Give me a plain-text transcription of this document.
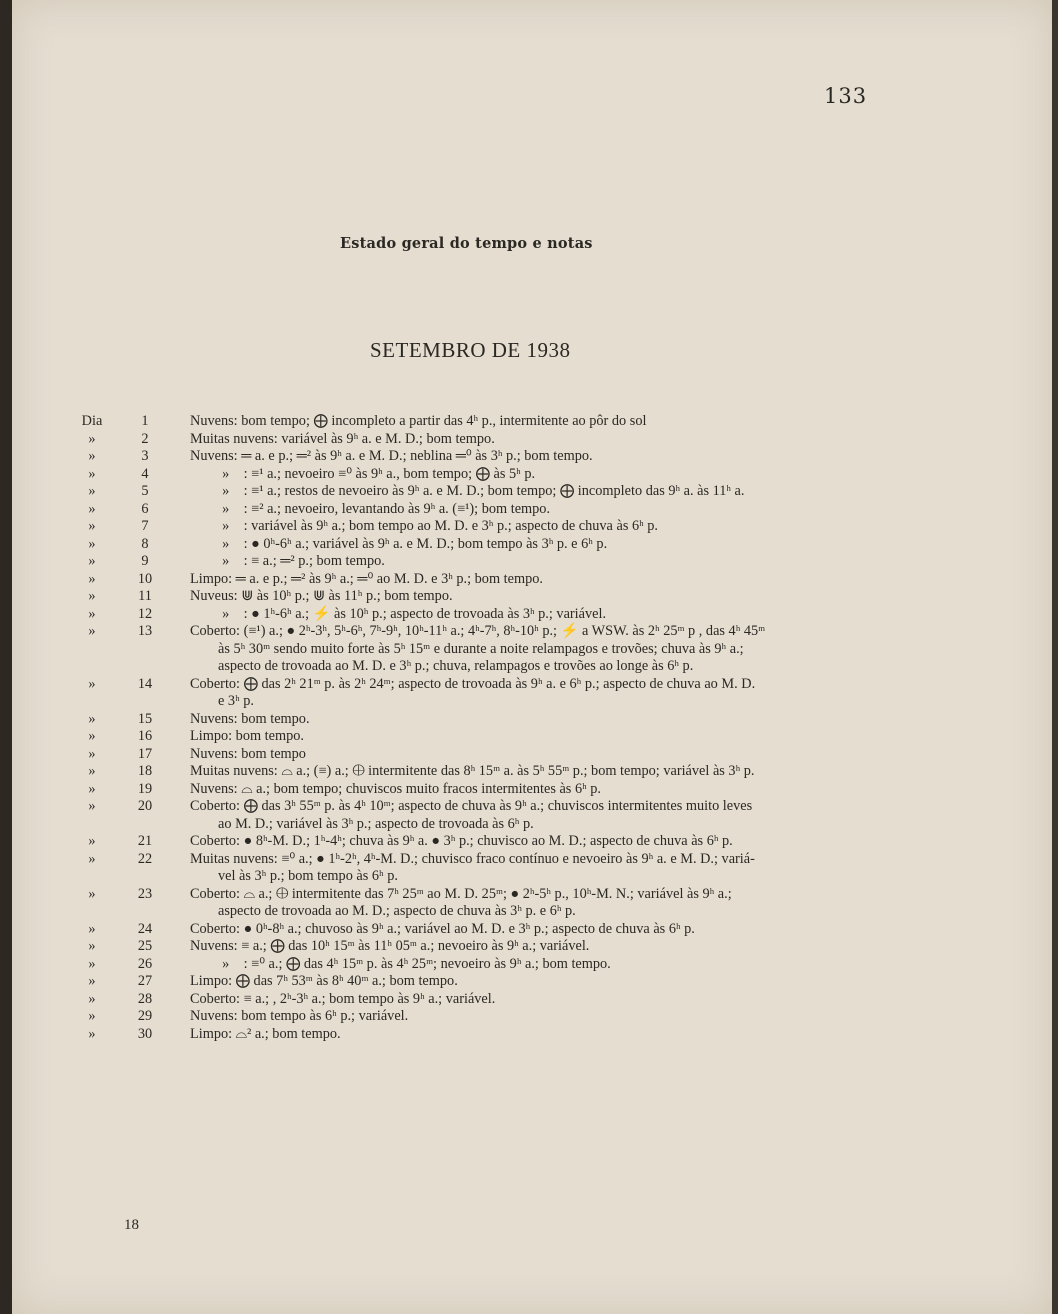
133
Estado geral do tempo e notas
SETEMBRO DE 1938
Dia	1	Nuvens: bom tempo; ⨁ incompleto a partir das 4ʰ p., intermitente ao pôr do sol
»	2	Muitas nuvens: variável às 9ʰ a. e M. D.; bom tempo.
»	3	Nuvens: ═ a. e p.; ═² às 9ʰ a. e M. D.; neblina ═⁰ às 3ʰ p.; bom tempo.
»	4	»    : ≡¹ a.; nevoeiro ≡⁰ às 9ʰ a., bom tempo; ⨁ às 5ʰ p.
»	5	»    : ≡¹ a.; restos de nevoeiro às 9ʰ a. e M. D.; bom tempo; ⨁ incompleto das 9ʰ a. às 11ʰ a.
»	6	»    : ≡² a.; nevoeiro, levantando às 9ʰ a. (≡¹); bom tempo.
»	7	»    : variável às 9ʰ a.; bom tempo ao M. D. e 3ʰ p.; aspecto de chuva às 6ʰ p.
»	8	»    : ● 0ʰ-6ʰ a.; variável às 9ʰ a. e M. D.; bom tempo às 3ʰ p. e 6ʰ p.
»	9	»    : ≡ a.; ═² p.; bom tempo.
»	10	Limpo: ═ a. e p.; ═² às 9ʰ a.; ═⁰ ao M. D. e 3ʰ p.; bom tempo.
»	11	Nuveus: ⋓ às 10ʰ p.; ⋓ às 11ʰ p.; bom tempo.
»	12	»    : ● 1ʰ-6ʰ a.; ⚡ às 10ʰ p.; aspecto de trovoada às 3ʰ p.; variável.
»	13	Coberto: (≡¹) a.; ● 2ʰ-3ʰ, 5ʰ-6ʰ, 7ʰ-9ʰ, 10ʰ-11ʰ a.; 4ʰ-7ʰ, 8ʰ-10ʰ p.; ⚡ a WSW. às 2ʰ 25ᵐ p , das 4ʰ 45ᵐ
às 5ʰ 30ᵐ sendo muito forte às 5ʰ 15ᵐ e durante a noite relampagos e trovões; chuva às 9ʰ a.;
aspecto de trovoada ao M. D. e 3ʰ p.; chuva, relampagos e trovões ao longe às 6ʰ p.
»	14	Coberto: ⨁ das 2ʰ 21ᵐ p. às 2ʰ 24ᵐ; aspecto de trovoada às 9ʰ a. e 6ʰ p.; aspecto de chuva ao M. D.
e 3ʰ p.
»	15	Nuvens: bom tempo.
»	16	Limpo: bom tempo.
»	17	Nuvens: bom tempo
»	18	Muitas nuvens: ⌓ a.; (≡) a.; ⨁ intermitente das 8ʰ 15ᵐ a. às 5ʰ 55ᵐ p.; bom tempo; variável às 3ʰ p.
»	19	Nuvens: ⌓ a.; bom tempo; chuviscos muito fracos intermitentes às 6ʰ p.
»	20	Coberto: ⨁ das 3ʰ 55ᵐ p. às 4ʰ 10ᵐ; aspecto de chuva às 9ʰ a.; chuviscos intermitentes muito leves
ao M. D.; variável às 3ʰ p.; aspecto de trovoada às 6ʰ p.
»	21	Coberto: ● 8ʰ-M. D.; 1ʰ-4ʰ; chuva às 9ʰ a. ● 3ʰ p.; chuvisco ao M. D.; aspecto de chuva às 6ʰ p.
»	22	Muitas nuvens: ≡⁰ a.; ● 1ʰ-2ʰ, 4ʰ-M. D.; chuvisco fraco contínuo e nevoeiro às 9ʰ a. e M. D.; variá-
vel às 3ʰ p.; bom tempo às 6ʰ p.
»	23	Coberto: ⌓ a.; ⨁ intermitente das 7ʰ 25ᵐ ao M. D. 25ᵐ; ● 2ʰ-5ʰ p., 10ʰ-M. N.; variável às 9ʰ a.;
aspecto de trovoada ao M. D.; aspecto de chuva às 3ʰ p. e 6ʰ p.
»	24	Coberto: ● 0ʰ-8ʰ a.; chuvoso às 9ʰ a.; variável ao M. D. e 3ʰ p.; aspecto de chuva às 6ʰ p.
»	25	Nuvens: ≡ a.; ⨁ das 10ʰ 15ᵐ às 11ʰ 05ᵐ a.; nevoeiro às 9ʰ a.; variável.
»	26	»    : ≡⁰ a.; ⨁ das 4ʰ 15ᵐ p. às 4ʰ 25ᵐ; nevoeiro às 9ʰ a.; bom tempo.
»	27	Limpo: ⨁ das 7ʰ 53ᵐ às 8ʰ 40ᵐ a.; bom tempo.
»	28	Coberto: ≡ a.; , 2ʰ-3ʰ a.; bom tempo às 9ʰ a.; variável.
»	29	Nuvens: bom tempo às 6ʰ p.; variável.
»	30	Limpo: ⌓² a.; bom tempo.
18
